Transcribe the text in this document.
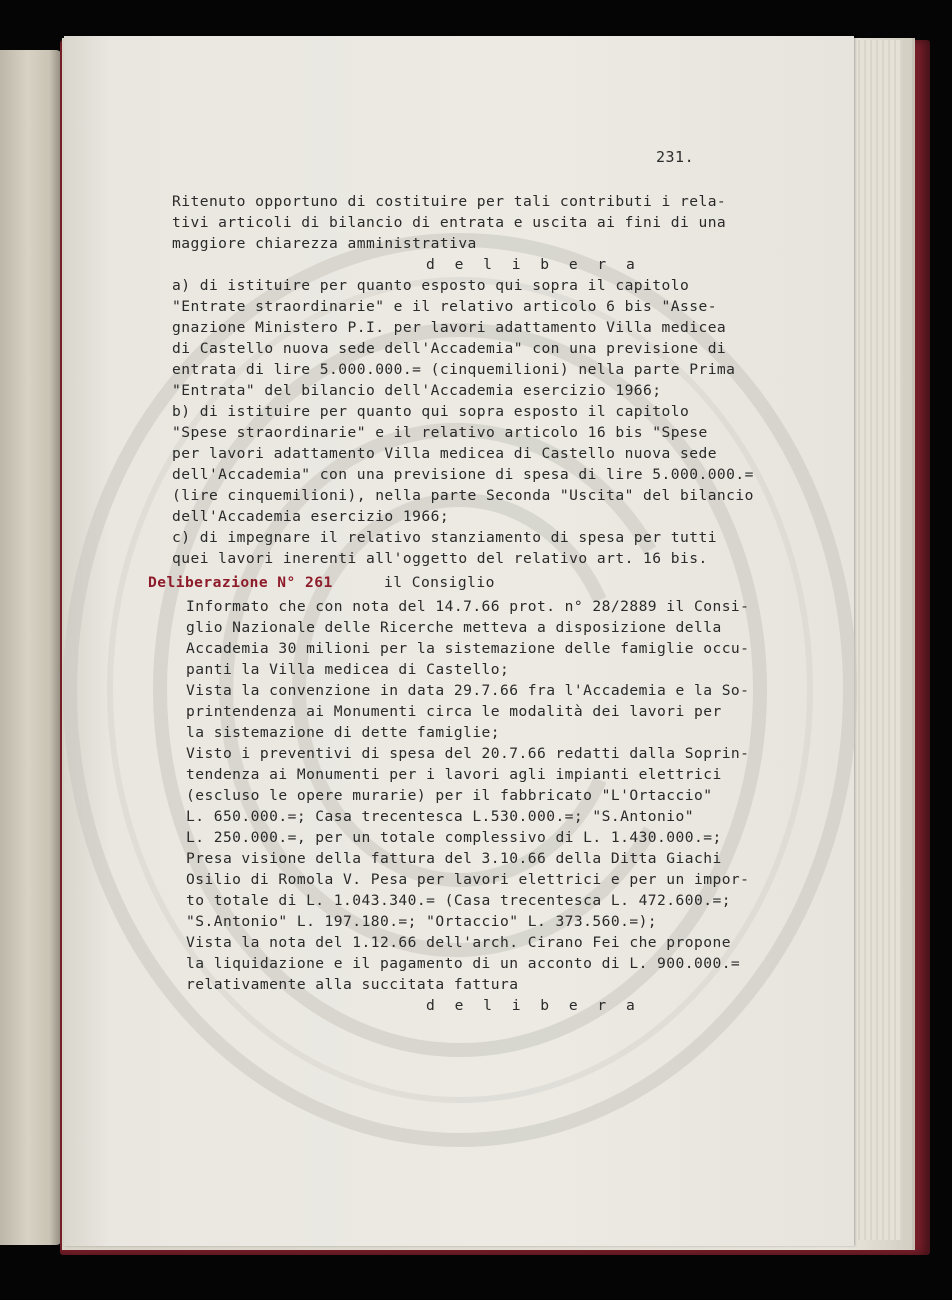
231.

Deliberazione N° 261
Ritenuto opportuno di costituire per tali contributi i rela-
tivi articoli di bilancio di entrata e uscita ai fini di una
maggiore chiarezza amministrativa
d e l i b e r a
a) di istituire per quanto esposto qui sopra il capitolo
"Entrate straordinarie" e il relativo articolo 6 bis "Asse-
gnazione Ministero P.I. per lavori adattamento Villa medicea
di Castello nuova sede dell'Accademia" con una previsione di
entrata di lire 5.000.000.= (cinquemilioni) nella parte Prima
"Entrata" del bilancio dell'Accademia esercizio 1966;
b) di istituire per quanto qui sopra esposto il capitolo
"Spese straordinarie" e il relativo articolo 16 bis "Spese
per lavori adattamento Villa medicea di Castello nuova sede
dell'Accademia" con una previsione di spesa di lire 5.000.000.=
(lire cinquemilioni), nella parte Seconda "Uscita" del bilancio
dell'Accademia esercizio 1966;
c) di impegnare il relativo stanziamento di spesa per tutti
quei lavori inerenti all'oggetto del relativo art. 16 bis.
il Consiglio
Informato che con nota del 14.7.66 prot. n° 28/2889 il Consi-
glio Nazionale delle Ricerche metteva a disposizione della
Accademia 30 milioni per la sistemazione delle famiglie occu-
panti la Villa medicea di Castello;
Vista la convenzione in data 29.7.66 fra l'Accademia e la So-
printendenza ai Monumenti circa le modalità dei lavori per
la sistemazione di dette famiglie;
Visto i preventivi di spesa del 20.7.66 redatti dalla Soprin-
tendenza ai Monumenti per i lavori agli impianti elettrici
(escluso le opere murarie) per il fabbricato "L'Ortaccio"
L. 650.000.=; Casa trecentesca L.530.000.=; "S.Antonio"
L. 250.000.=, per un totale complessivo di L. 1.430.000.=;
Presa visione della fattura del 3.10.66 della Ditta Giachi
Osilio di Romola V. Pesa per lavori elettrici e per un impor-
to totale di L. 1.043.340.= (Casa trecentesca L. 472.600.=;
"S.Antonio" L. 197.180.=; "Ortaccio" L. 373.560.=);
Vista la nota del 1.12.66 dell'arch. Cirano Fei che propone
la liquidazione e il pagamento di un acconto di L. 900.000.=
relativamente alla succitata fattura
d e l i b e r a
